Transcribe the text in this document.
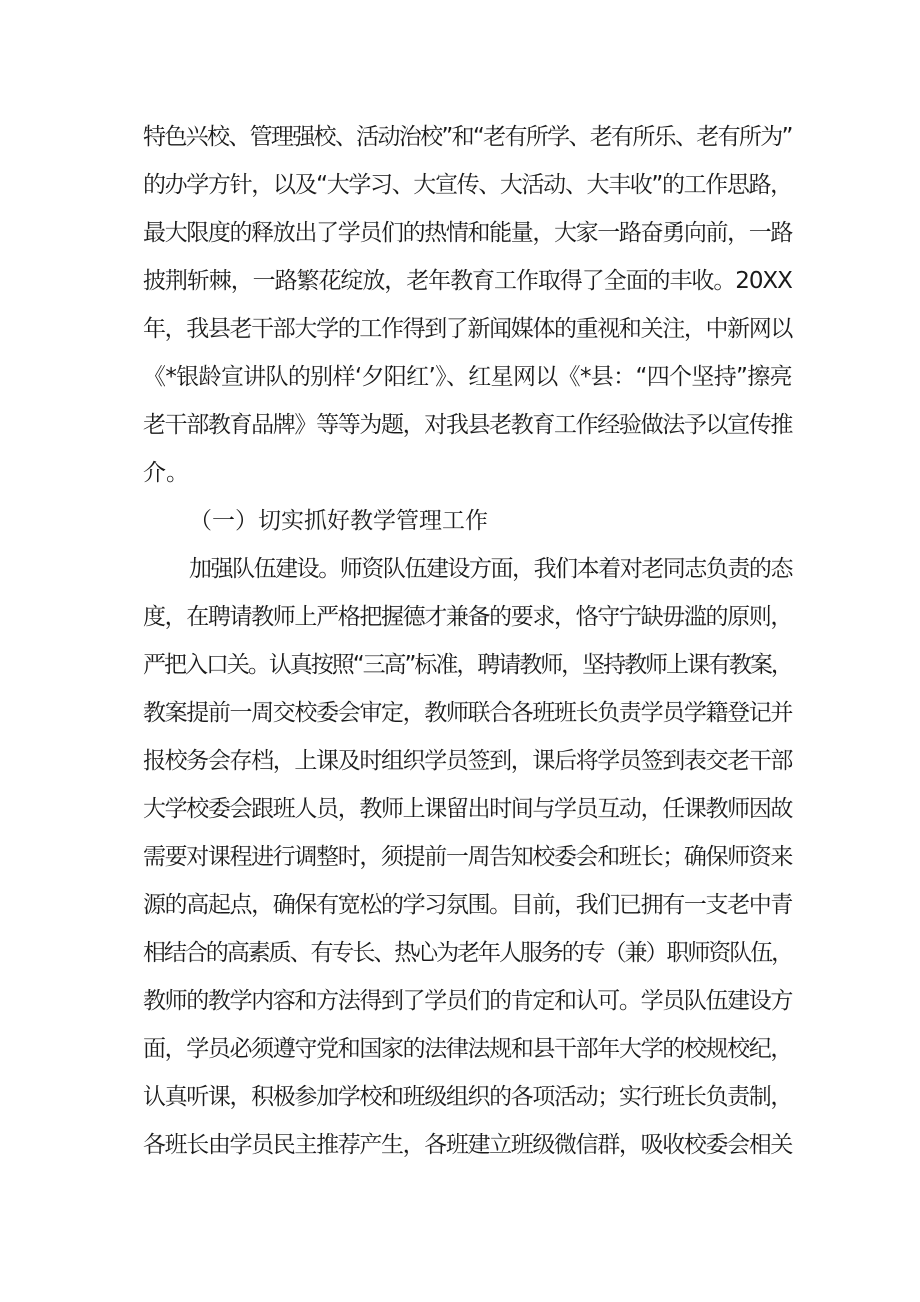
特色兴校、管理强校、活动治校”和“老有所学、老有所乐、老有所为”
的办学方针，以及“大学习、大宣传、大活动、大丰收”的工作思路，
最大限度的释放出了学员们的热情和能量，大家一路奋勇向前，一路
披荆斩棘，一路繁花绽放，老年教育工作取得了全面的丰收。20XX
年，我县老干部大学的工作得到了新闻媒体的重视和关注，中新网以
《*银龄宣讲队的别样‘夕阳红’》、红星网以《*县：“四个坚持”擦亮
老干部教育品牌》等等为题，对我县老教育工作经验做法予以宣传推
介。
（一）切实抓好教学管理工作
加强队伍建设。师资队伍建设方面，我们本着对老同志负责的态
度，在聘请教师上严格把握德才兼备的要求，恪守宁缺毋滥的原则，
严把入口关。认真按照“三高”标准，聘请教师，坚持教师上课有教案，
教案提前一周交校委会审定，教师联合各班班长负责学员学籍登记并
报校务会存档，上课及时组织学员签到，课后将学员签到表交老干部
大学校委会跟班人员，教师上课留出时间与学员互动，任课教师因故
需要对课程进行调整时，须提前一周告知校委会和班长；确保师资来
源的高起点，确保有宽松的学习氛围。目前，我们已拥有一支老中青
相结合的高素质、有专长、热心为老年人服务的专（兼）职师资队伍，
教师的教学内容和方法得到了学员们的肯定和认可。学员队伍建设方
面，学员必须遵守党和国家的法律法规和县干部年大学的校规校纪，
认真听课，积极参加学校和班级组织的各项活动；实行班长负责制，
各班长由学员民主推荐产生，各班建立班级微信群，吸收校委会相关
